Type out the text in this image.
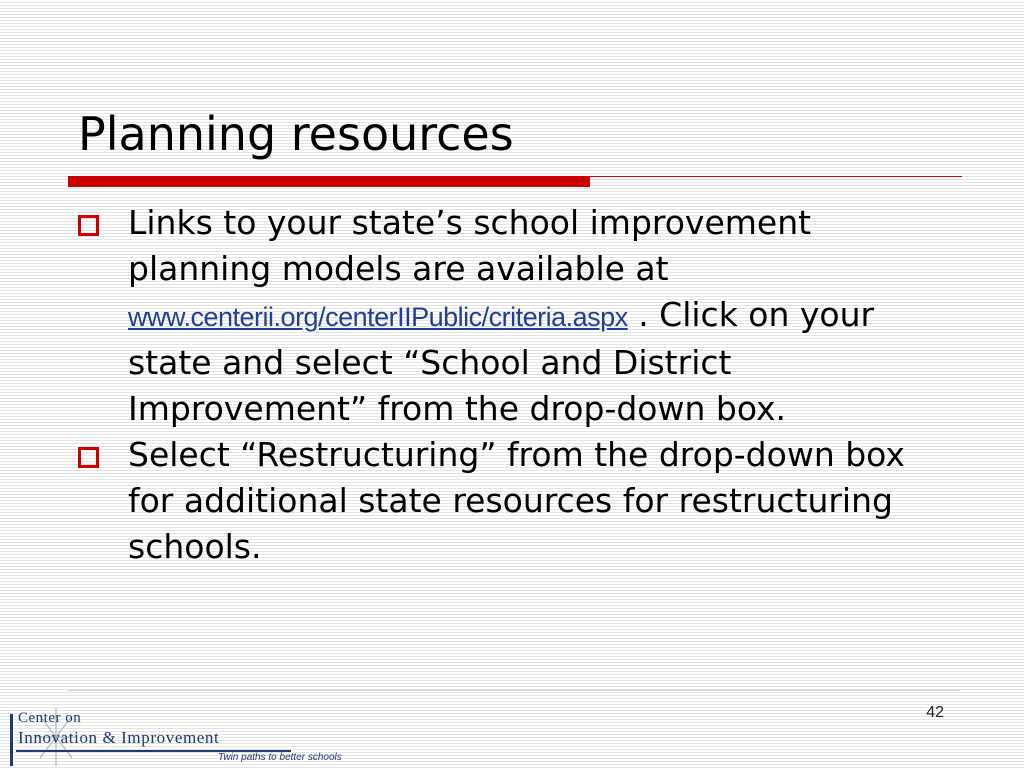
Planning resources
Links to your state’s school improvement planning models are available at www.centerii.org/centerIIPublic/criteria.aspx . Click on your state and select “School and District Improvement” from the drop-down box.
Select “Restructuring” from the drop-down box for additional state resources for restructuring schools.
42
Center on
Innovation & Improvement
Twin paths to better schools
